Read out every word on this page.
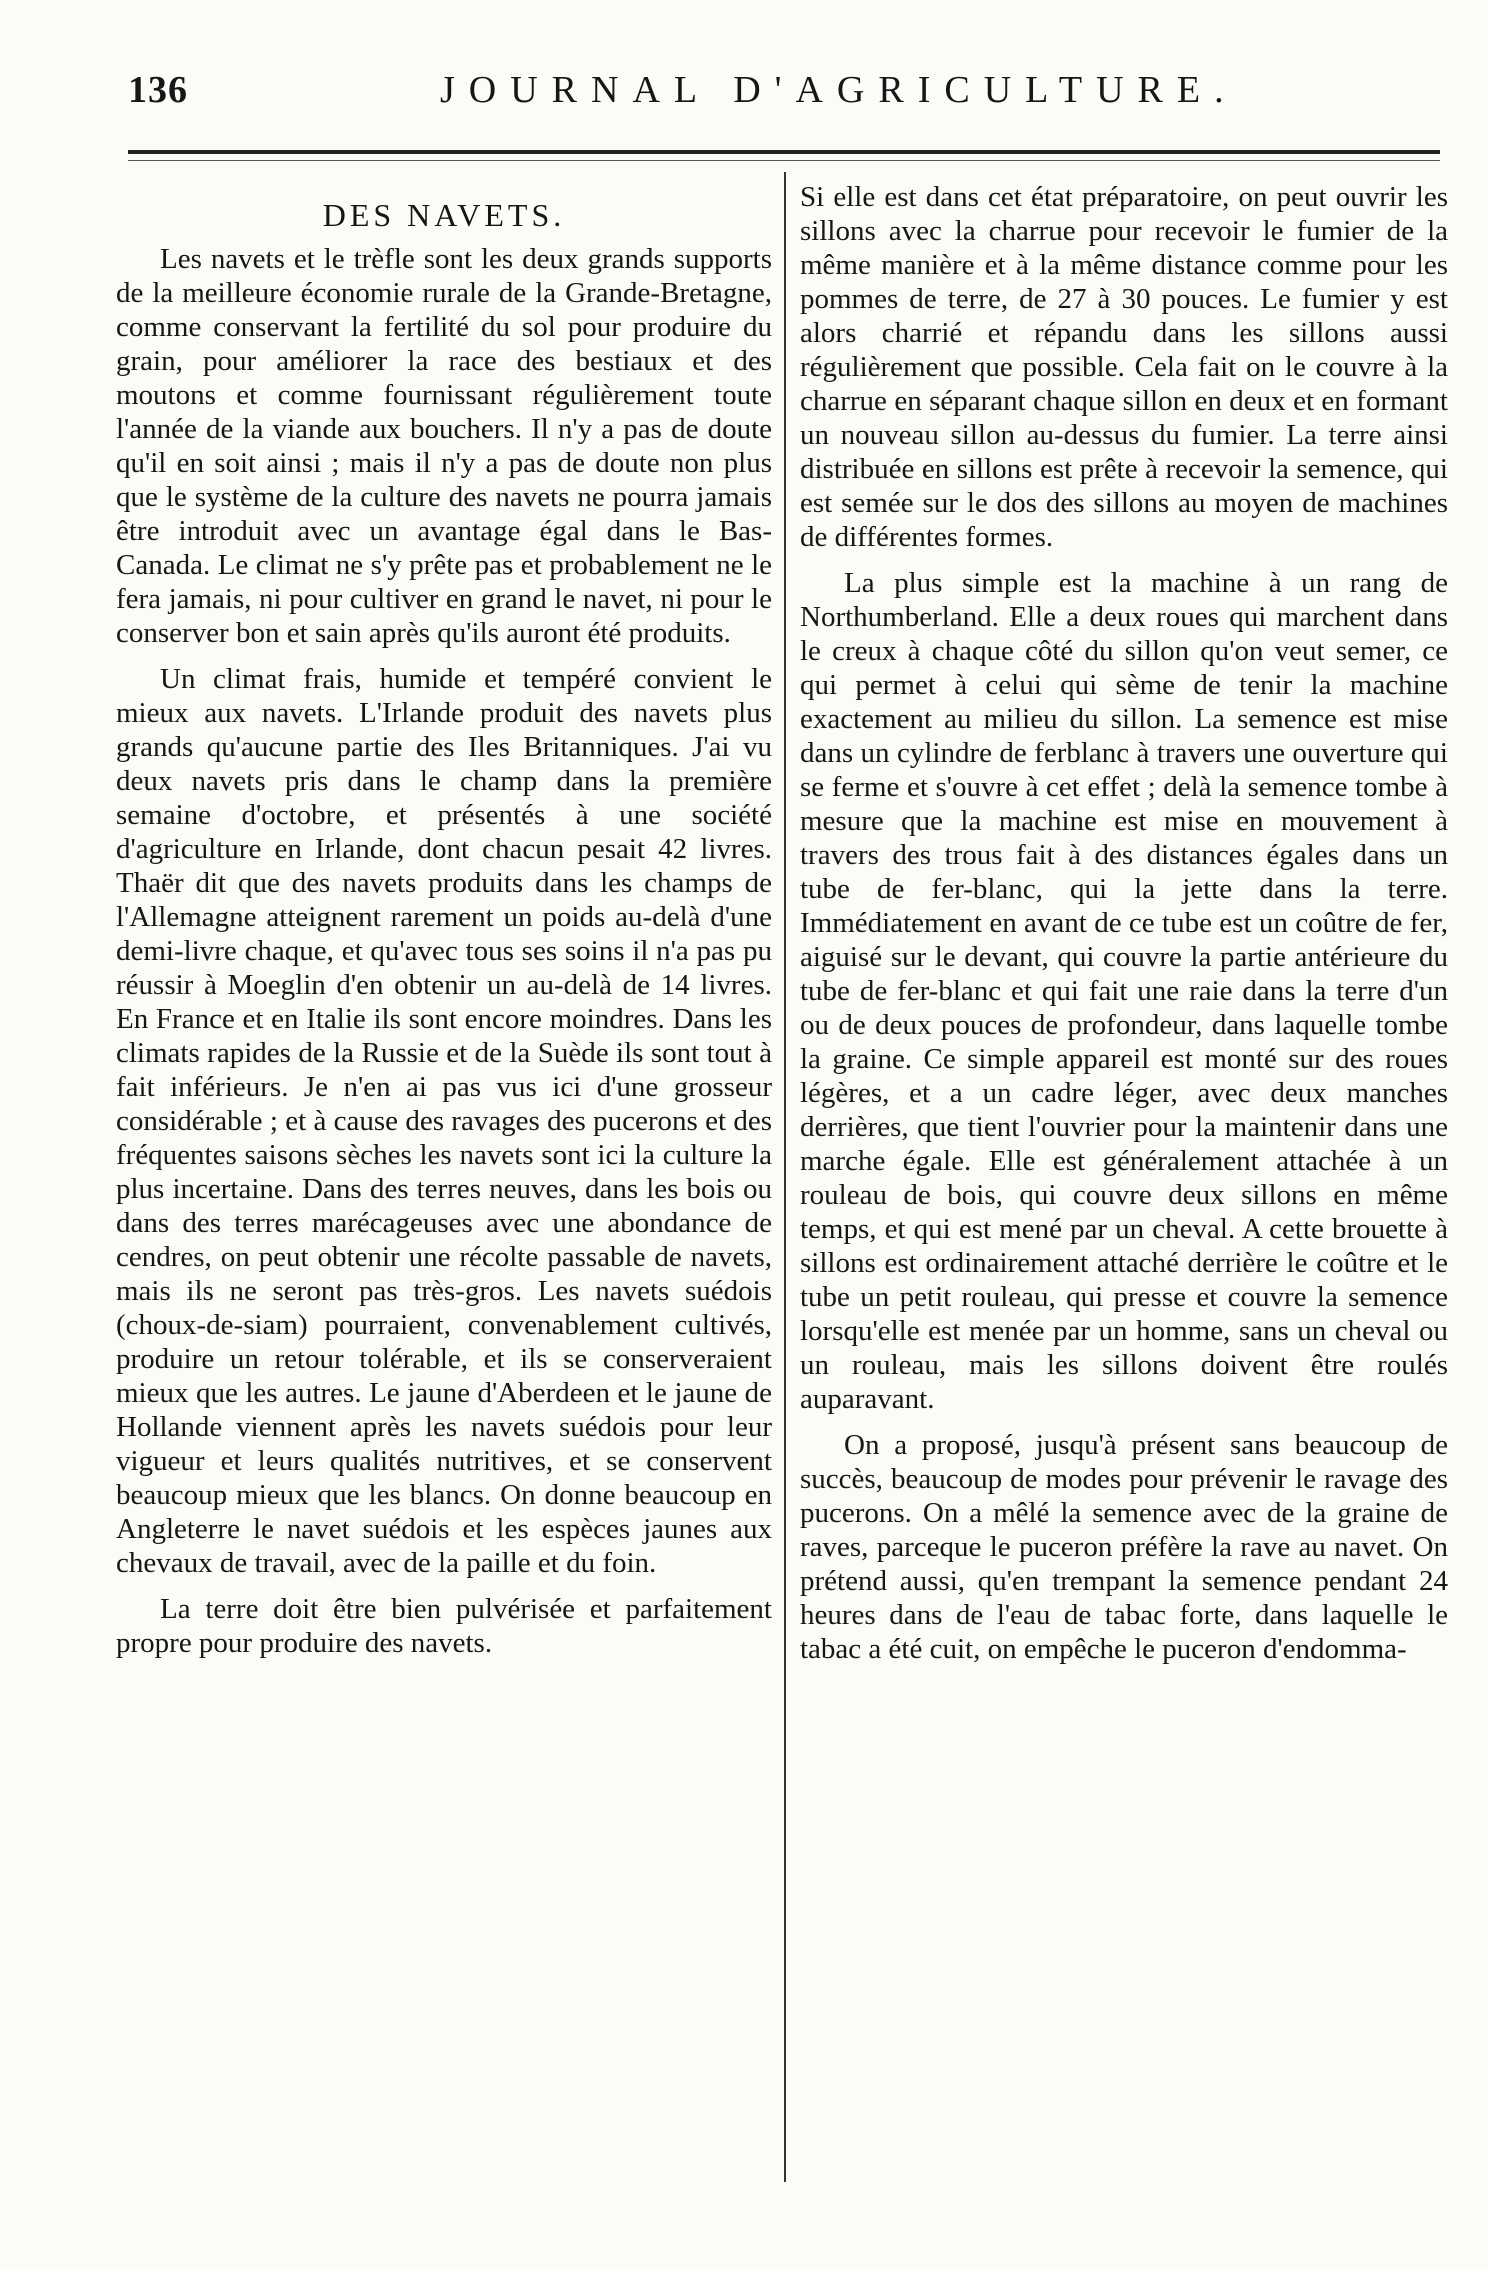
136	JOURNAL D'AGRICULTURE.
DES NAVETS.

Les navets et le trèfle sont les deux grands supports de la meilleure économie rurale de la Grande-Bretagne, comme conservant la fertilité du sol pour produire du grain, pour améliorer la race des bestiaux et des moutons et comme fournissant régulièrement toute l'année de la viande aux bouchers. Il n'y a pas de doute qu'il en soit ainsi ; mais il n'y a pas de doute non plus que le système de la culture des navets ne pourra jamais être introduit avec un avantage égal dans le Bas-Canada. Le climat ne s'y prête pas et probablement ne le fera jamais, ni pour cultiver en grand le navet, ni pour le conserver bon et sain après qu'ils auront été produits.

Un climat frais, humide et tempéré convient le mieux aux navets. L'Irlande produit des navets plus grands qu'aucune partie des Iles Britanniques. J'ai vu deux navets pris dans le champ dans la première semaine d'octobre, et présentés à une société d'agriculture en Irlande, dont chacun pesait 42 livres. Thaër dit que des navets produits dans les champs de l'Allemagne atteignent rarement un poids au-delà d'une demi-livre chaque, et qu'avec tous ses soins il n'a pas pu réussir à Moeglin d'en obtenir un au-delà de 14 livres. En France et en Italie ils sont encore moindres. Dans les climats rapides de la Russie et de la Suède ils sont tout à fait inférieurs. Je n'en ai pas vus ici d'une grosseur considérable ; et à cause des ravages des pucerons et des fréquentes saisons sèches les navets sont ici la culture la plus incertaine. Dans des terres neuves, dans les bois ou dans des terres marécageuses avec une abondance de cendres, on peut obtenir une récolte passable de navets, mais ils ne seront pas très-gros. Les navets suédois (choux-de-siam) pourraient, convenablement cultivés, produire un retour tolérable, et ils se conserveraient mieux que les autres. Le jaune d'Aberdeen et le jaune de Hollande viennent après les navets suédois pour leur vigueur et leurs qualités nutritives, et se conservent beaucoup mieux que les blancs. On donne beaucoup en Angleterre le navet suédois et les espèces jaunes aux chevaux de travail, avec de la paille et du foin.

La terre doit être bien pulvérisée et parfaitement propre pour produire des navets.

Si elle est dans cet état préparatoire, on peut ouvrir les sillons avec la charrue pour recevoir le fumier de la même manière et à la même distance comme pour les pommes de terre, de 27 à 30 pouces. Le fumier y est alors charrié et répandu dans les sillons aussi régulièrement que possible. Cela fait on le couvre à la charrue en séparant chaque sillon en deux et en formant un nouveau sillon au-dessus du fumier. La terre ainsi distribuée en sillons est prête à recevoir la semence, qui est semée sur le dos des sillons au moyen de machines de différentes formes.

La plus simple est la machine à un rang de Northumberland. Elle a deux roues qui marchent dans le creux à chaque côté du sillon qu'on veut semer, ce qui permet à celui qui sème de tenir la machine exactement au milieu du sillon. La semence est mise dans un cylindre de ferblanc à travers une ouverture qui se ferme et s'ouvre à cet effet ; delà la semence tombe à mesure que la machine est mise en mouvement à travers des trous fait à des distances égales dans un tube de fer-blanc, qui la jette dans la terre. Immédiatement en avant de ce tube est un coûtre de fer, aiguisé sur le devant, qui couvre la partie antérieure du tube de fer-blanc et qui fait une raie dans la terre d'un ou de deux pouces de profondeur, dans laquelle tombe la graine. Ce simple appareil est monté sur des roues légères, et a un cadre léger, avec deux manches derrières, que tient l'ouvrier pour la maintenir dans une marche égale. Elle est généralement attachée à un rouleau de bois, qui couvre deux sillons en même temps, et qui est mené par un cheval. A cette brouette à sillons est ordinairement attaché derrière le coûtre et le tube un petit rouleau, qui presse et couvre la semence lorsqu'elle est menée par un homme, sans un cheval ou un rouleau, mais les sillons doivent être roulés auparavant.

On a proposé, jusqu'à présent sans beaucoup de succès, beaucoup de modes pour prévenir le ravage des pucerons. On a mêlé la semence avec de la graine de raves, parceque le puceron préfère la rave au navet. On prétend aussi, qu'en trempant la semence pendant 24 heures dans de l'eau de tabac forte, dans laquelle le tabac a été cuit, on empêche le puceron d'endomma-
